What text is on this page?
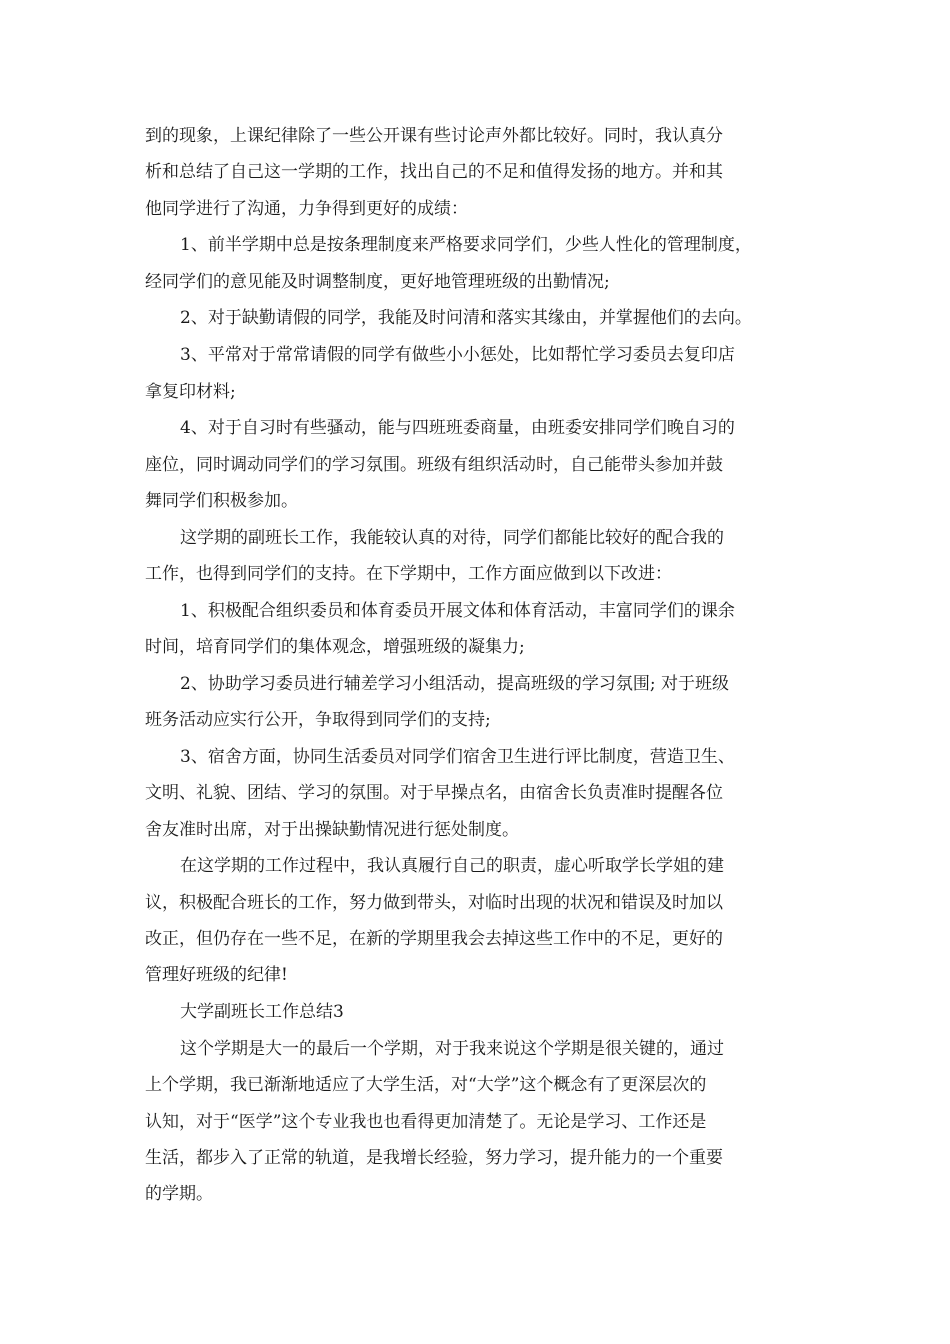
到的现象，上课纪律除了一些公开课有些讨论声外都比较好。同时，我认真分
析和总结了自己这一学期的工作，找出自己的不足和值得发扬的地方。并和其
他同学进行了沟通，力争得到更好的成绩：
1、前半学期中总是按条理制度来严格要求同学们，少些人性化的管理制度，
经同学们的意见能及时调整制度，更好地管理班级的出勤情况;
2、对于缺勤请假的同学，我能及时问清和落实其缘由，并掌握他们的去向。
3、平常对于常常请假的同学有做些小小惩处，比如帮忙学习委员去复印店
拿复印材料;
4、对于自习时有些骚动，能与四班班委商量，由班委安排同学们晚自习的
座位，同时调动同学们的学习氛围。班级有组织活动时，自己能带头参加并鼓
舞同学们积极参加。
这学期的副班长工作，我能较认真的对待，同学们都能比较好的配合我的
工作，也得到同学们的支持。在下学期中，工作方面应做到以下改进：
1、积极配合组织委员和体育委员开展文体和体育活动，丰富同学们的课余
时间，培育同学们的集体观念，增强班级的凝集力;
2、协助学习委员进行辅差学习小组活动，提高班级的学习氛围; 对于班级
班务活动应实行公开，争取得到同学们的支持;
3、宿舍方面，协同生活委员对同学们宿舍卫生进行评比制度，营造卫生、
文明、礼貌、团结、学习的氛围。对于早操点名，由宿舍长负责准时提醒各位
舍友准时出席，对于出操缺勤情况进行惩处制度。
在这学期的工作过程中，我认真履行自己的职责，虚心听取学长学姐的建
议，积极配合班长的工作，努力做到带头，对临时出现的状况和错误及时加以
改正，但仍存在一些不足，在新的学期里我会去掉这些工作中的不足，更好的
管理好班级的纪律!
大学副班长工作总结3
这个学期是大一的最后一个学期，对于我来说这个学期是很关键的，通过
上个学期，我已渐渐地适应了大学生活，对“大学”这个概念有了更深层次的
认知，对于“医学”这个专业我也也看得更加清楚了。无论是学习、工作还是
生活，都步入了正常的轨道，是我增长经验，努力学习，提升能力的一个重要
的学期。
